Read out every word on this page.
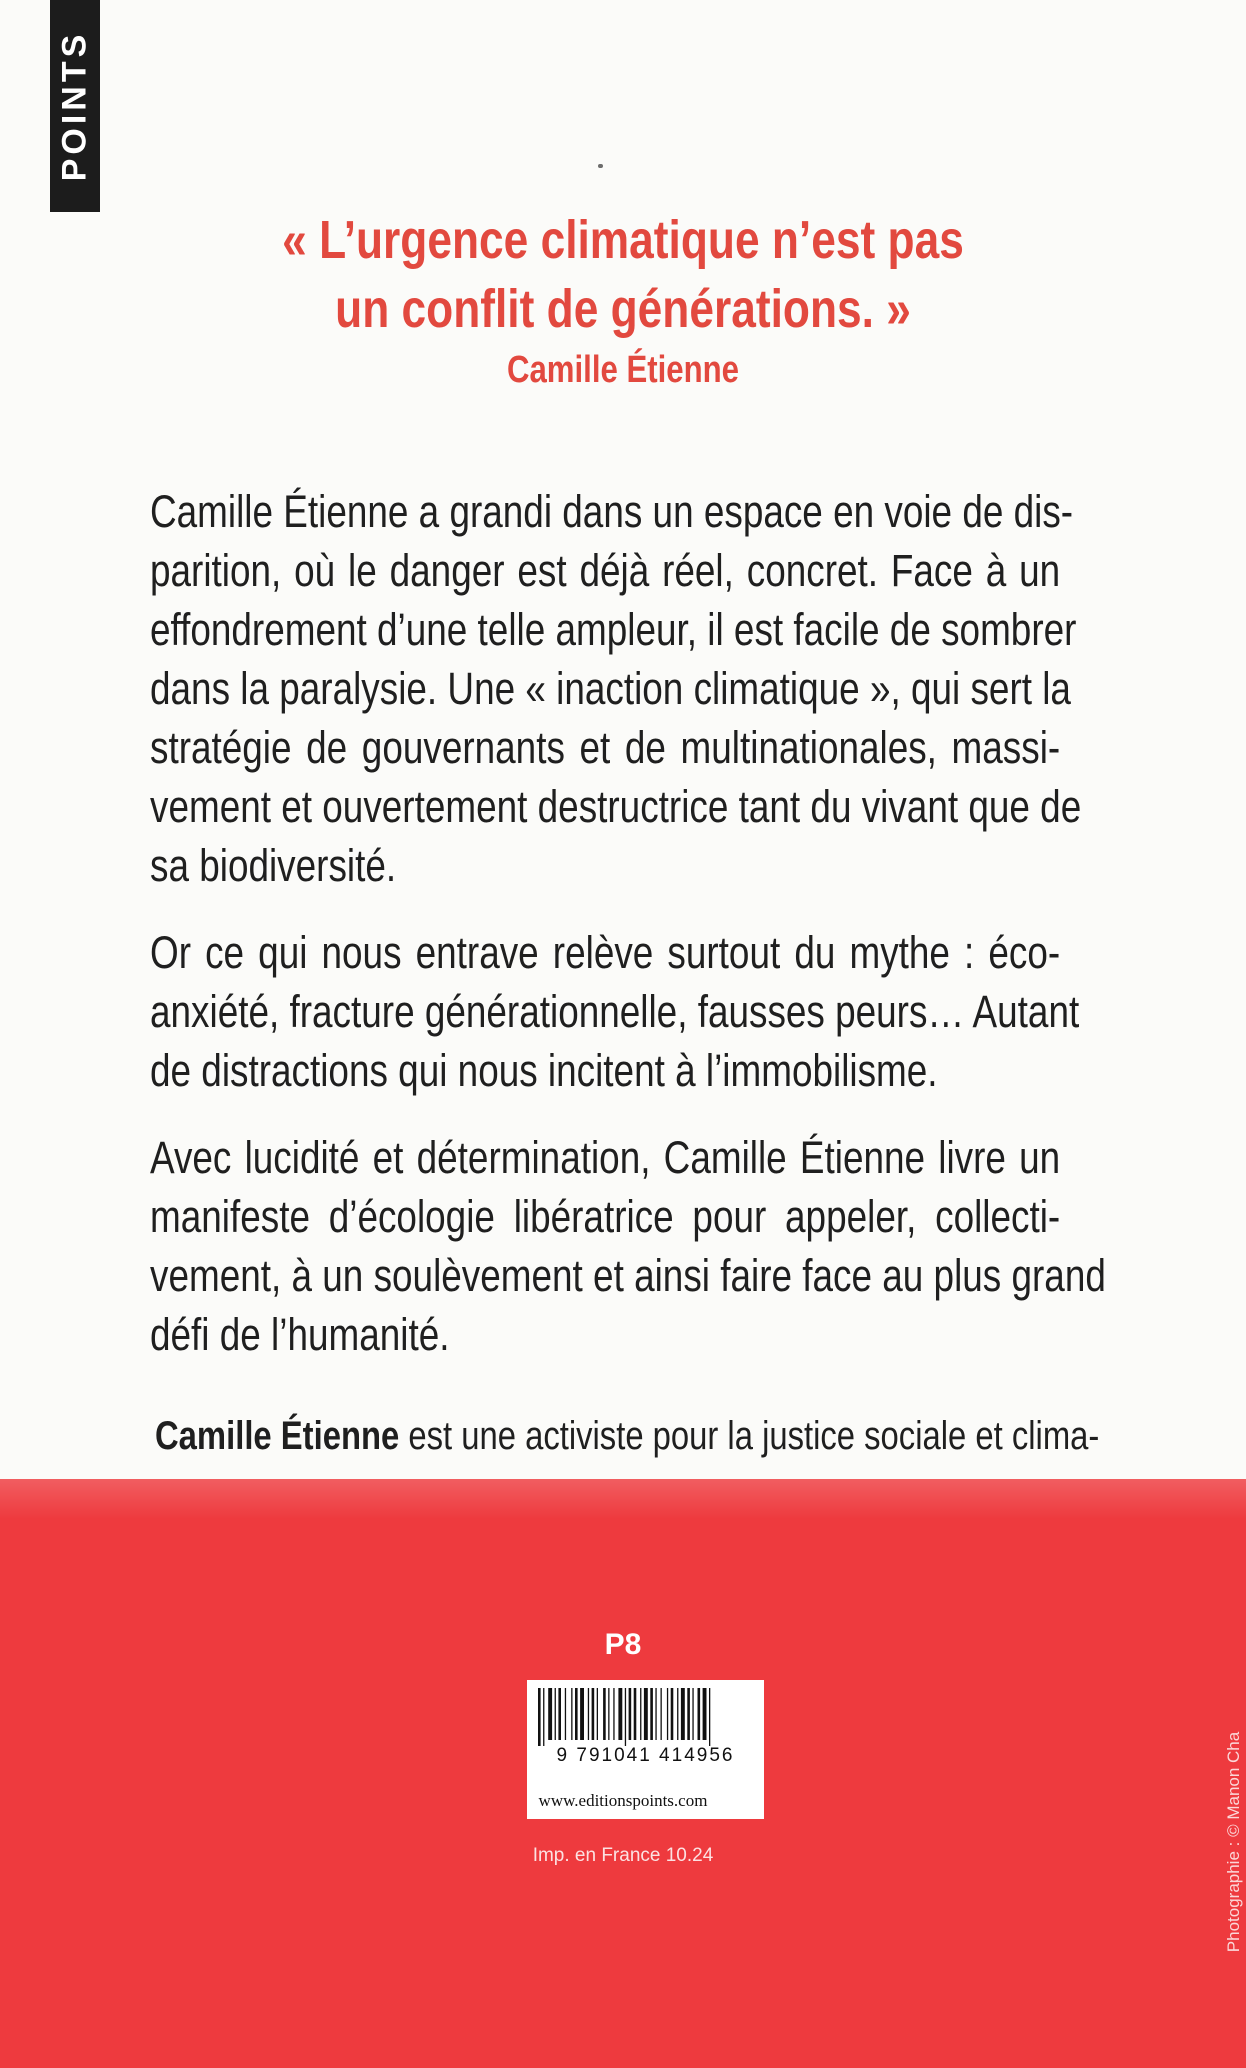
POINTS
« L’urgence climatique n’est pas
un conflit de générations. »
Camille Étienne
Camille Étienne a grandi dans un espace en voie de dis-
parition, où le danger est déjà réel, concret. Face à un
effondrement d’une telle ampleur, il est facile de sombrer
dans la paralysie. Une « inaction climatique », qui sert la
stratégie de gouvernants et de multinationales, massi-
vement et ouvertement destructrice tant du vivant que de
sa biodiversité.
Or ce qui nous entrave relève surtout du mythe : éco-
anxiété, fracture générationnelle, fausses peurs… Autant
de distractions qui nous incitent à l’immobilisme.
Avec lucidité et détermination, Camille Étienne livre un
manifeste d’écologie libératrice pour appeler, collecti-
vement, à un soulèvement et ainsi faire face au plus grand
défi de l’humanité.
Camille Étienne est une activiste pour la justice sociale et clima-
P8
9 791041 414956
www.editionspoints.com
Imp. en France 10.24	Photographie : © Manon Cha
